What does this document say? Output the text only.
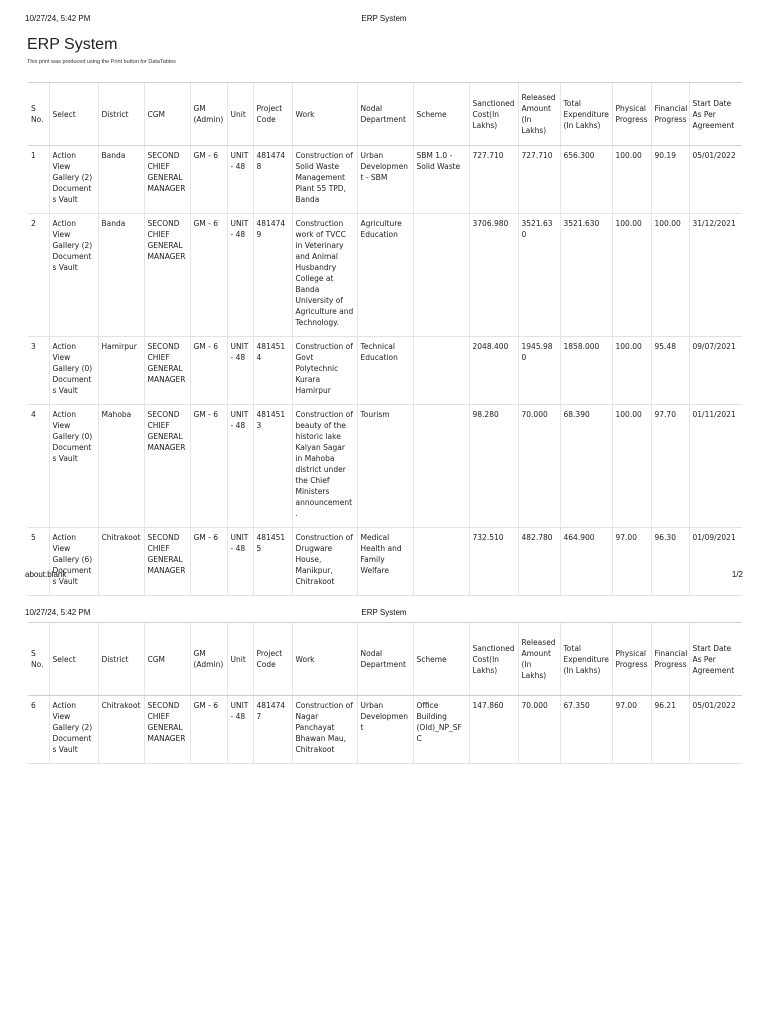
10/27/24, 5:42 PM	ERP System
ERP System
This print was produced using the Print button for DataTables
S No.	Select	District	CGM	GM (Admin)	Unit	Project Code	Work	Nodal Department	Scheme	Sanctioned Cost(In Lakhs)	Released Amount (In Lakhs)	Total Expenditure (In Lakhs)	Physical Progress	Financial Progress	Start Date As Per Agreement
1	Action View Gallery (2) Documents Vault	Banda	SECOND CHIEF GENERAL MANAGER	GM - 6	UNIT - 48	4814748	Construction of Solid Waste Management Plant 55 TPD, Banda	Urban Development - SBM	SBM 1.0 - Solid Waste	727.710	727.710	656.300	100.00	90.19	05/01/2022
2	Action View Gallery (2) Documents Vault	Banda	SECOND CHIEF GENERAL MANAGER	GM - 6	UNIT - 48	4814749	Construction work of TVCC in Veterinary and Animal Husbandry College at Banda University of Agriculture and Technology.	Agriculture Education		3706.980	3521.630	3521.630	100.00	100.00	31/12/2021
3	Action View Gallery (0) Documents Vault	Hamirpur	SECOND CHIEF GENERAL MANAGER	GM - 6	UNIT - 48	4814514	Construction of Govt Polytechnic Kurara Hamirpur	Technical Education		2048.400	1945.980	1858.000	100.00	95.48	09/07/2021
4	Action View Gallery (0) Documents Vault	Mahoba	SECOND CHIEF GENERAL MANAGER	GM - 6	UNIT - 48	4814513	Construction of beauty of the historic lake Kalyan Sagar in Mahoba district under the Chief Ministers announcement.	Tourism		98.280	70.000	68.390	100.00	97.70	01/11/2021
5	Action View Gallery (6) Documents Vault	Chitrakoot	SECOND CHIEF GENERAL MANAGER	GM - 6	UNIT - 48	4814515	Construction of Drugware House, Manikpur, Chitrakoot	Medical Health and Family Welfare		732.510	482.780	464.900	97.00	96.30	01/09/2021
about:blank	1/2
10/27/24, 5:42 PM	ERP System
S No.	Select	District	CGM	GM (Admin)	Unit	Project Code	Work	Nodal Department	Scheme	Sanctioned Cost(In Lakhs)	Released Amount (In Lakhs)	Total Expenditure (In Lakhs)	Physical Progress	Financial Progress	Start Date As Per Agreement
6	Action View Gallery (2) Documents Vault	Chitrakoot	SECOND CHIEF GENERAL MANAGER	GM - 6	UNIT - 48	4814747	Construction of Nagar Panchayat Bhawan Mau, Chitrakoot	Urban Development	Office Building (Old)_NP_SFC	147.860	70.000	67.350	97.00	96.21	05/01/2022
